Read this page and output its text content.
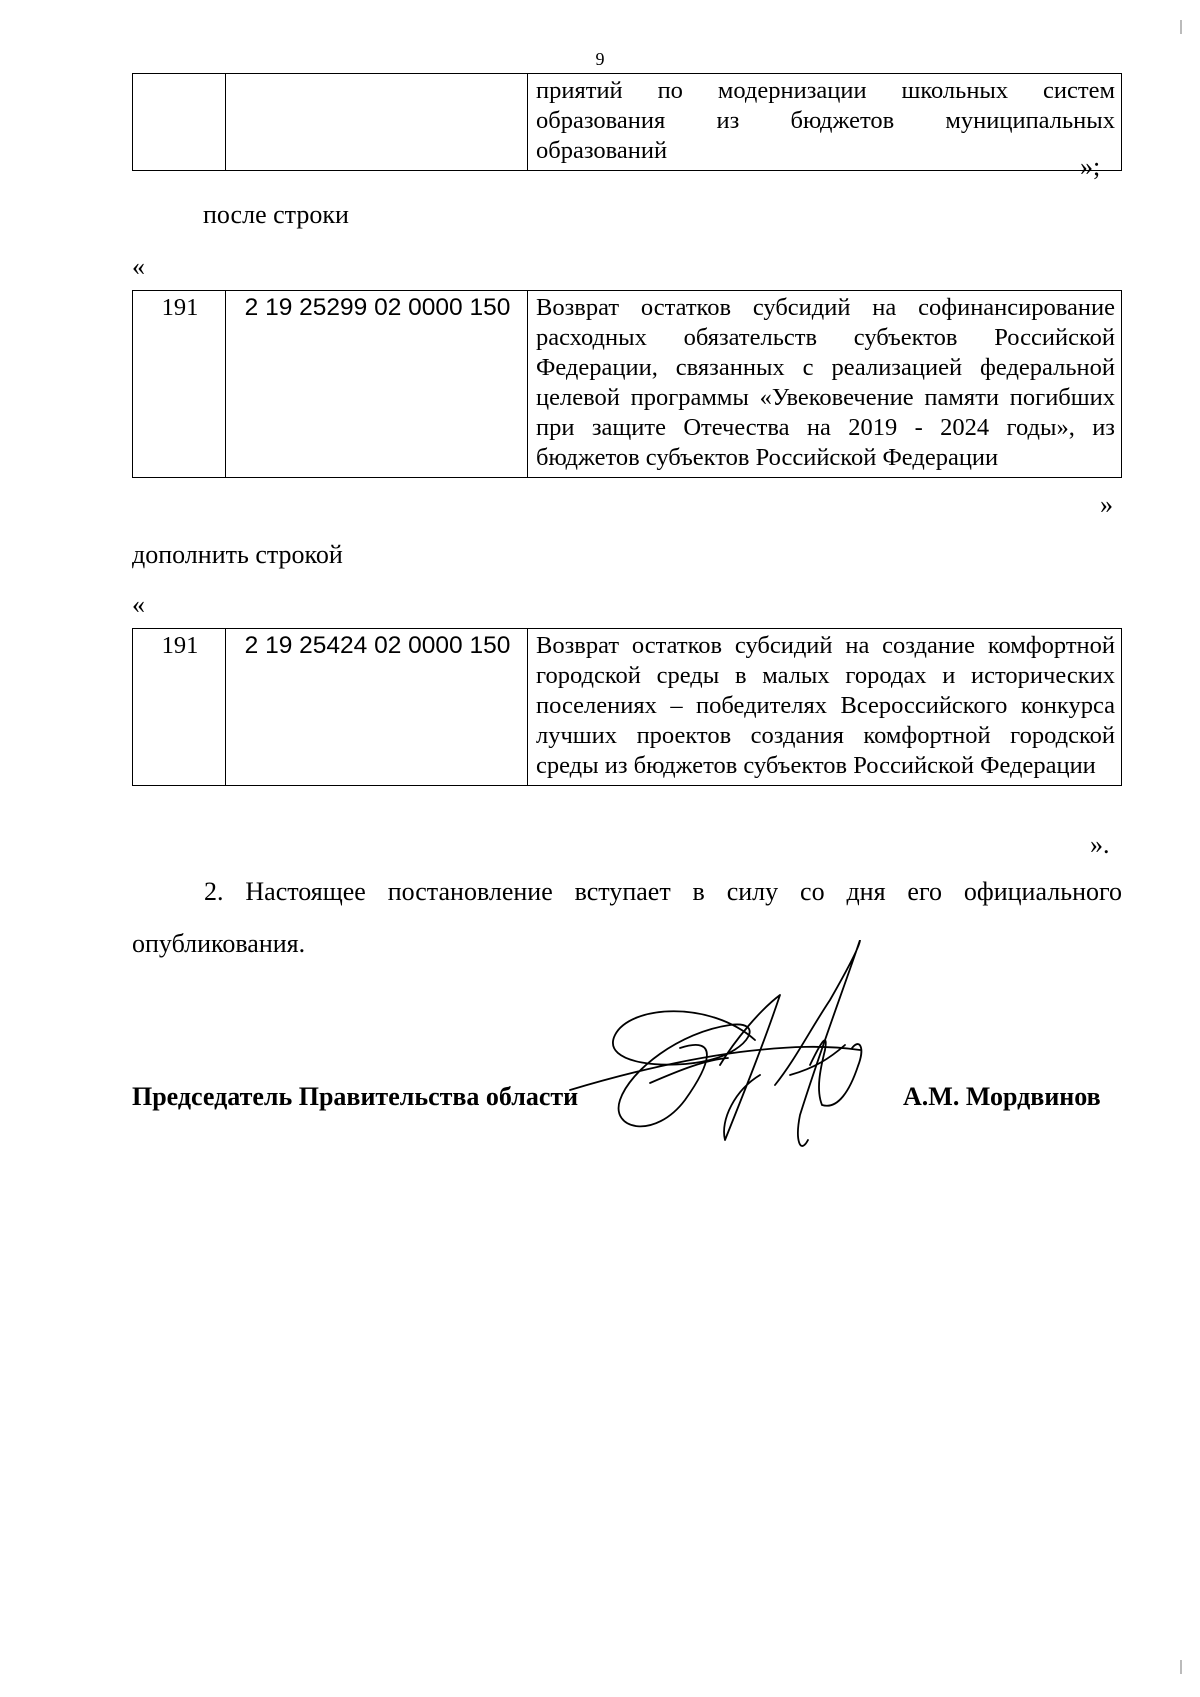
9
		приятий по модернизации школьных систем образования из бюджетов муниципальных образований
»;
после строки
«
191	2 19 25299 02 0000 150	Возврат остатков субсидий на софинансирование расходных обязательств субъектов Российской Федерации, связанных с реализацией федеральной целевой программы «Увековечение памяти погибших при защите Отечества на 2019 - 2024 годы», из бюджетов субъектов Российской Федерации
»
дополнить строкой
«
191	2 19 25424 02 0000 150	Возврат остатков субсидий на создание комфортной городской среды в малых городах и исторических поселениях – победителях Всероссийского конкурса лучших проектов создания комфортной городской среды из бюджетов субъектов Российской Федерации
».
2. Настоящее постановление вступает в силу со дня его официального опубликования.
Председатель Правительства области	А.М. Мордвинов
